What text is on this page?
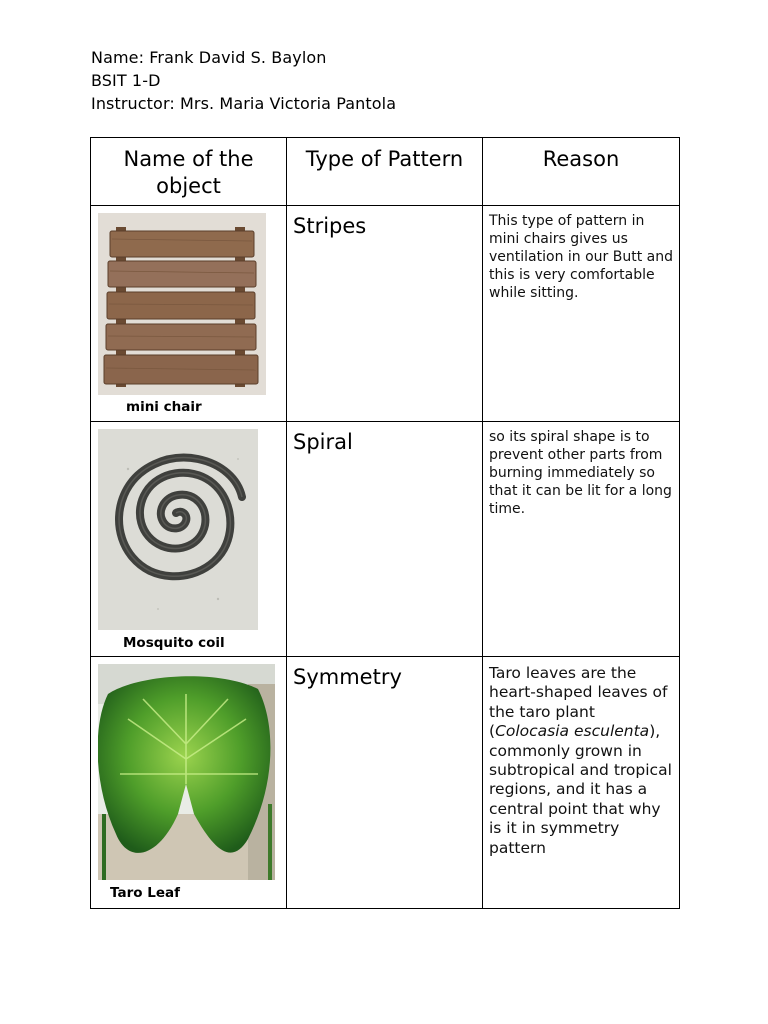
Name: Frank David S. Baylon
BSIT 1-D
Instructor: Mrs. Maria Victoria Pantola
Name of the object	Type of Pattern	Reason

mini chair	Stripes	This type of pattern in mini chairs gives us ventilation in our Butt and this is very comfortable while sitting.

Mosquito coil	Spiral	so its spiral shape is to prevent other parts from burning immediately so that it can be lit for a long time.

Taro Leaf	Symmetry	Taro leaves are the heart-shaped leaves of the taro plant (Colocasia esculenta), commonly grown in subtropical and tropical regions, and it has a central point that why is it in symmetry pattern
